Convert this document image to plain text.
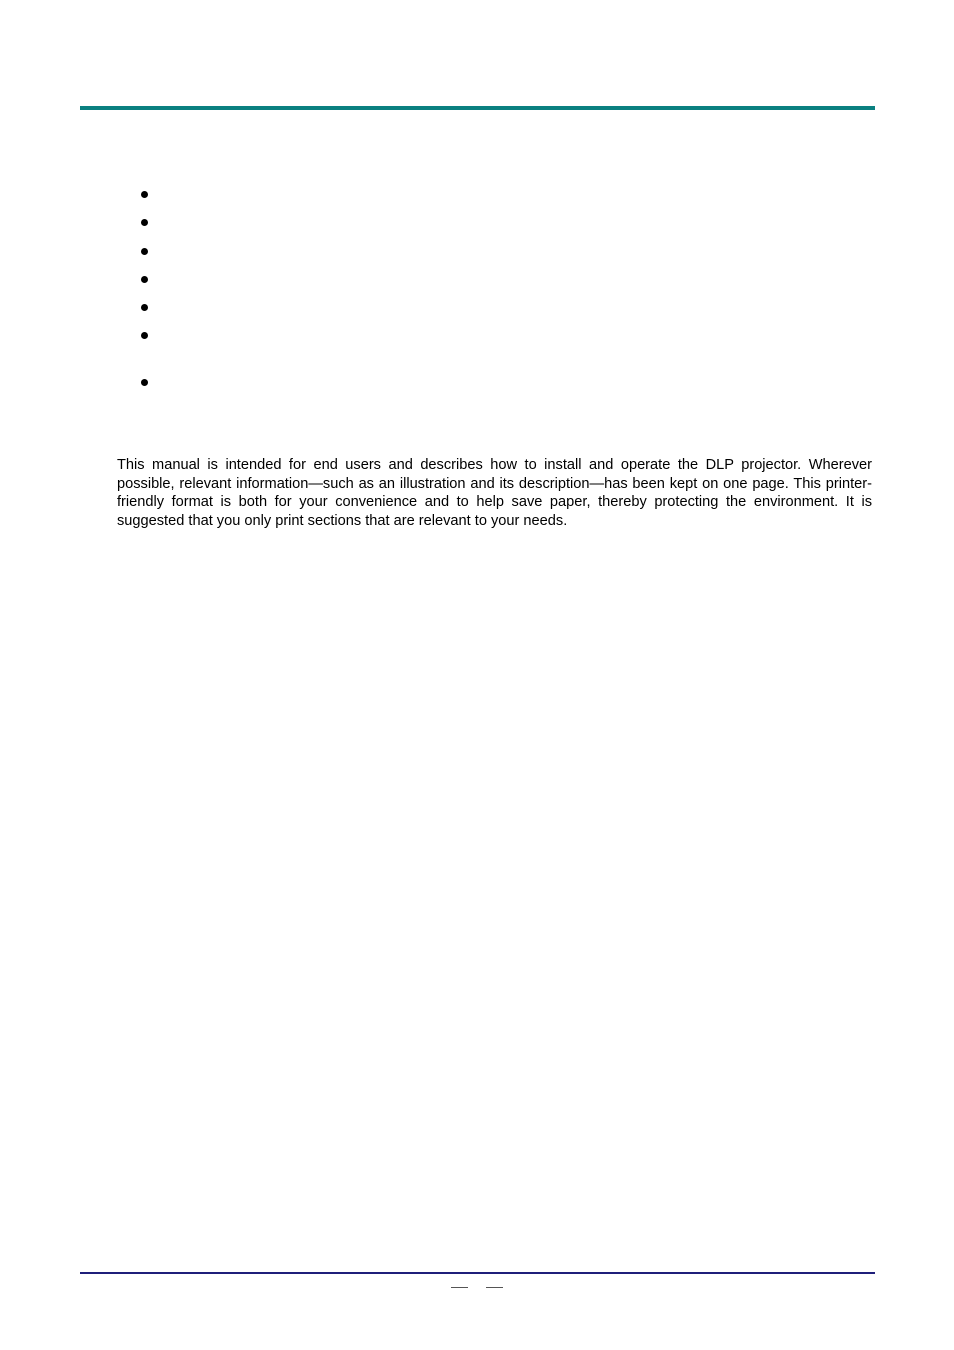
This manual is intended for end users and describes how to install and operate the DLP projector. Wherever possible, relevant information—such as an illustration and its description—has been kept on one page. This printer-friendly format is both for your convenience and to help save paper, thereby protecting the environment. It is suggested that you only print sections that are relevant to your needs.
